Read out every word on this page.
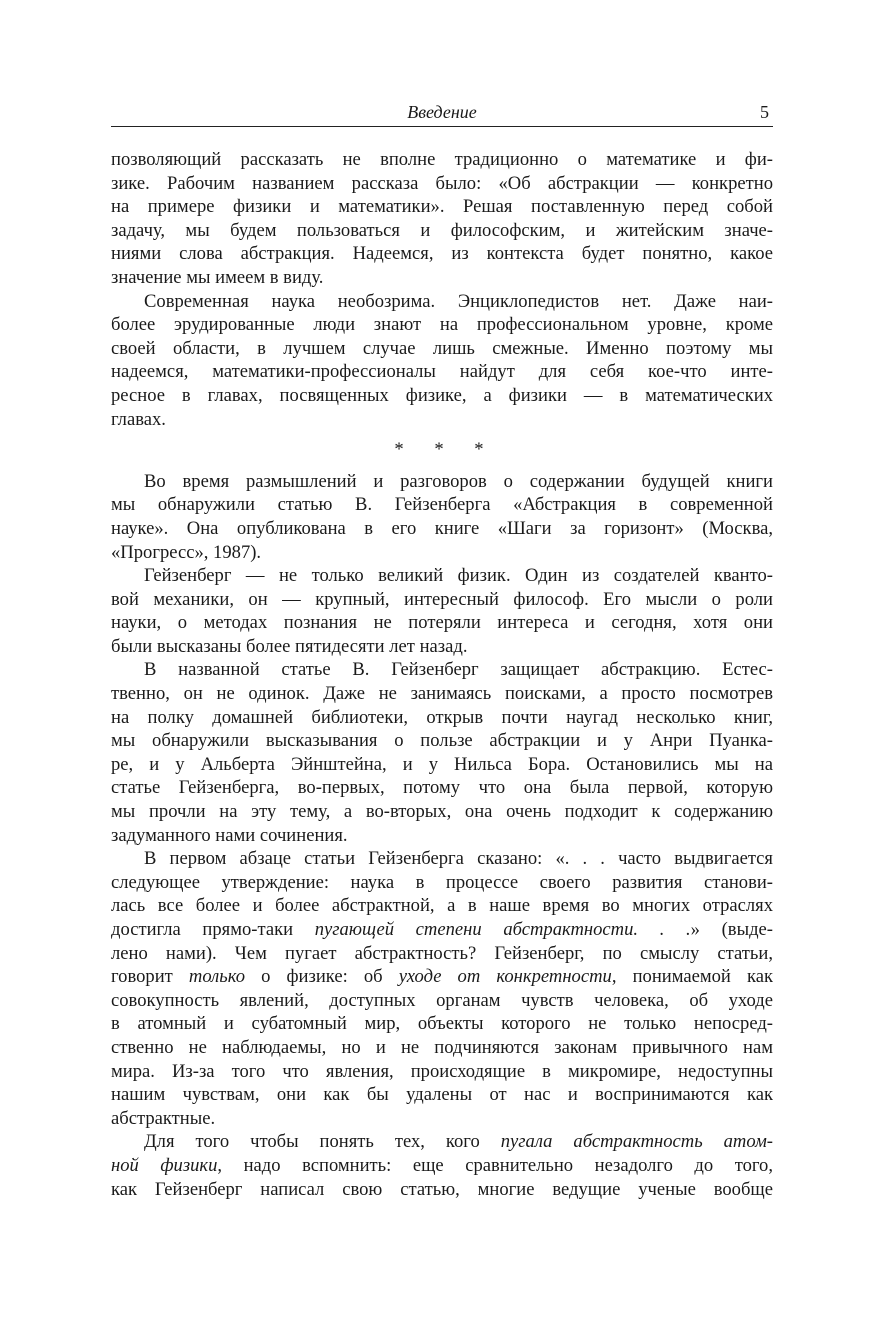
Введение	5
позволяющий рассказать не вполне традиционно о математике и фи-
зике. Рабочим названием рассказа было: «Об абстракции — конкретно
на примере физики и математики». Решая поставленную перед собой
задачу, мы будем пользоваться и философским, и житейским значе-
ниями слова абстракция. Надеемся, из контекста будет понятно, какое
значение мы имеем в виду.
Современная наука необозрима. Энциклопедистов нет. Даже наи-
более эрудированные люди знают на профессиональном уровне, кроме
своей области, в лучшем случае лишь смежные. Именно поэтому мы
надеемся, математики-профессионалы найдут для себя кое-что инте-
ресное в главах, посвященных физике, а физики — в математических
главах.
* * *
Во время размышлений и разговоров о содержании будущей книги
мы обнаружили статью В. Гейзенберга «Абстракция в современной
науке». Она опубликована в его книге «Шаги за горизонт» (Москва,
«Прогресс», 1987).
Гейзенберг — не только великий физик. Один из создателей кванто-
вой механики, он — крупный, интересный философ. Его мысли о роли
науки, о методах познания не потеряли интереса и сегодня, хотя они
были высказаны более пятидесяти лет назад.
В названной статье В. Гейзенберг защищает абстракцию. Естес-
твенно, он не одинок. Даже не занимаясь поисками, а просто посмотрев
на полку домашней библиотеки, открыв почти наугад несколько книг,
мы обнаружили высказывания о пользе абстракции и у Анри Пуанка-
ре, и у Альберта Эйнштейна, и у Нильса Бора. Остановились мы на
статье Гейзенберга, во-первых, потому что она была первой, которую
мы прочли на эту тему, а во-вторых, она очень подходит к содержанию
задуманного нами сочинения.
В первом абзаце статьи Гейзенберга сказано: «. . . часто выдвигается
следующее утверждение: наука в процессе своего развития станови-
лась все более и более абстрактной, а в наше время во многих отраслях
достигла прямо-таки пугающей степени абстрактности. . .» (выде-
лено нами). Чем пугает абстрактность? Гейзенберг, по смыслу статьи,
говорит только о физике: об уходе от конкретности, понимаемой как
совокупность явлений, доступных органам чувств человека, об уходе
в атомный и субатомный мир, объекты которого не только непосред-
ственно не наблюдаемы, но и не подчиняются законам привычного нам
мира. Из-за того что явления, происходящие в микромире, недоступны
нашим чувствам, они как бы удалены от нас и воспринимаются как
абстрактные.
Для того чтобы понять тех, кого пугала абстрактность атом-
ной физики, надо вспомнить: еще сравнительно незадолго до того,
как Гейзенберг написал свою статью, многие ведущие ученые вообще
